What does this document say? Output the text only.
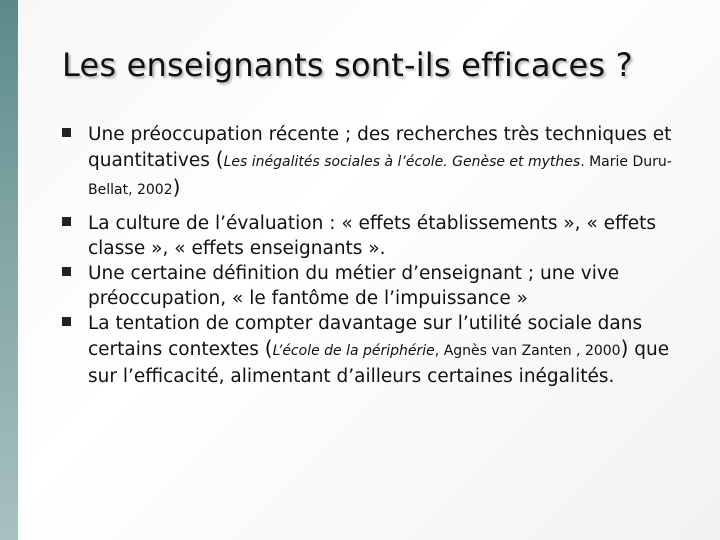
Les enseignants sont-ils efficaces ?
Une préoccupation récente ; des recherches très techniques et quantitatives (Les inégalités sociales à l’école. Genèse et mythes. Marie Duru-Bellat, 2002)
La culture de l’évaluation : « effets établissements », « effets classe », « effets enseignants ».
Une certaine définition du métier d’enseignant ; une vive préoccupation, « le fantôme de l’impuissance »
La tentation de compter davantage sur l’utilité sociale dans certains contextes (L’école de la périphérie, Agnès van Zanten , 2000) que sur l’efficacité, alimentant d’ailleurs certaines inégalités.
